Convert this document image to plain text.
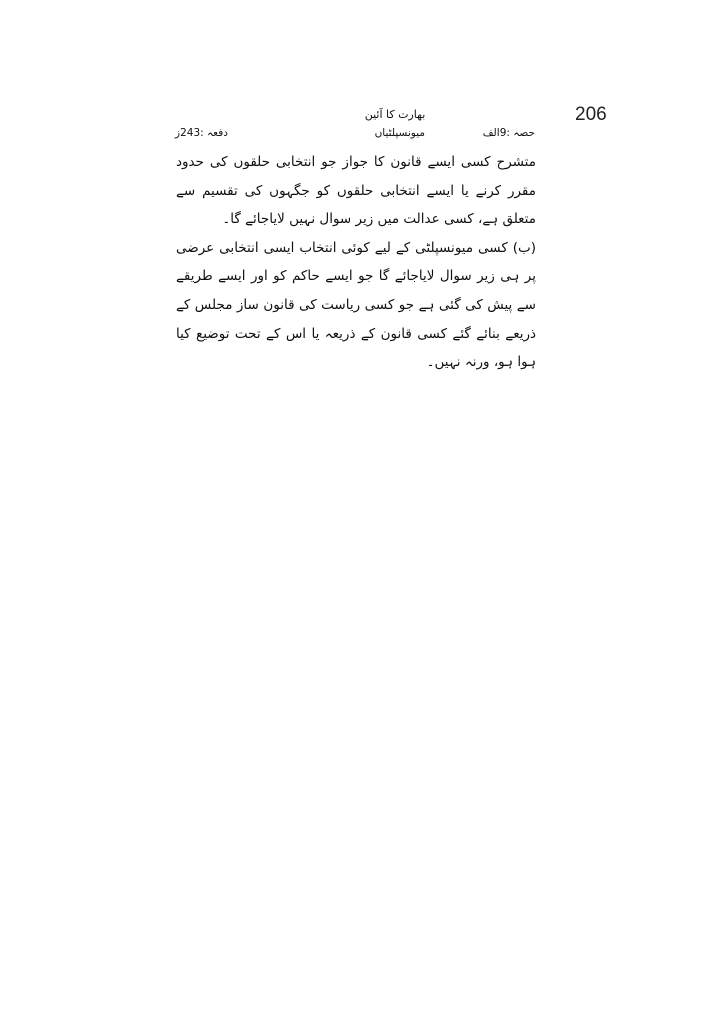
206
بھارت کا آئین
حصہ :9الف
میونسپلٹیاں
دفعہ :243ز

متشرح کسی ایسے قانون کا جواز جو انتخابی حلقوں کی حدود مقرر کرنے یا ایسے انتخابی حلقوں کو جگہوں کی تقسیم سے متعلق ہے، کسی عدالت میں زیر سوال نہیں لایاجائے گا۔

(ب) کسی میونسپلٹی کے لیے کوئی انتخاب ایسی انتخابی عرضی پر ہی زیر سوال لایاجائے گا جو ایسے حاکم کو اور ایسے طریقے سے پیش کی گئی ہے جو کسی ریاست کی قانون ساز مجلس کے ذریعے بنائے گئے کسی قانون کے ذریعہ یا اس کے تحت توضیع کیا ہوا ہو، ورنہ نہیں۔
